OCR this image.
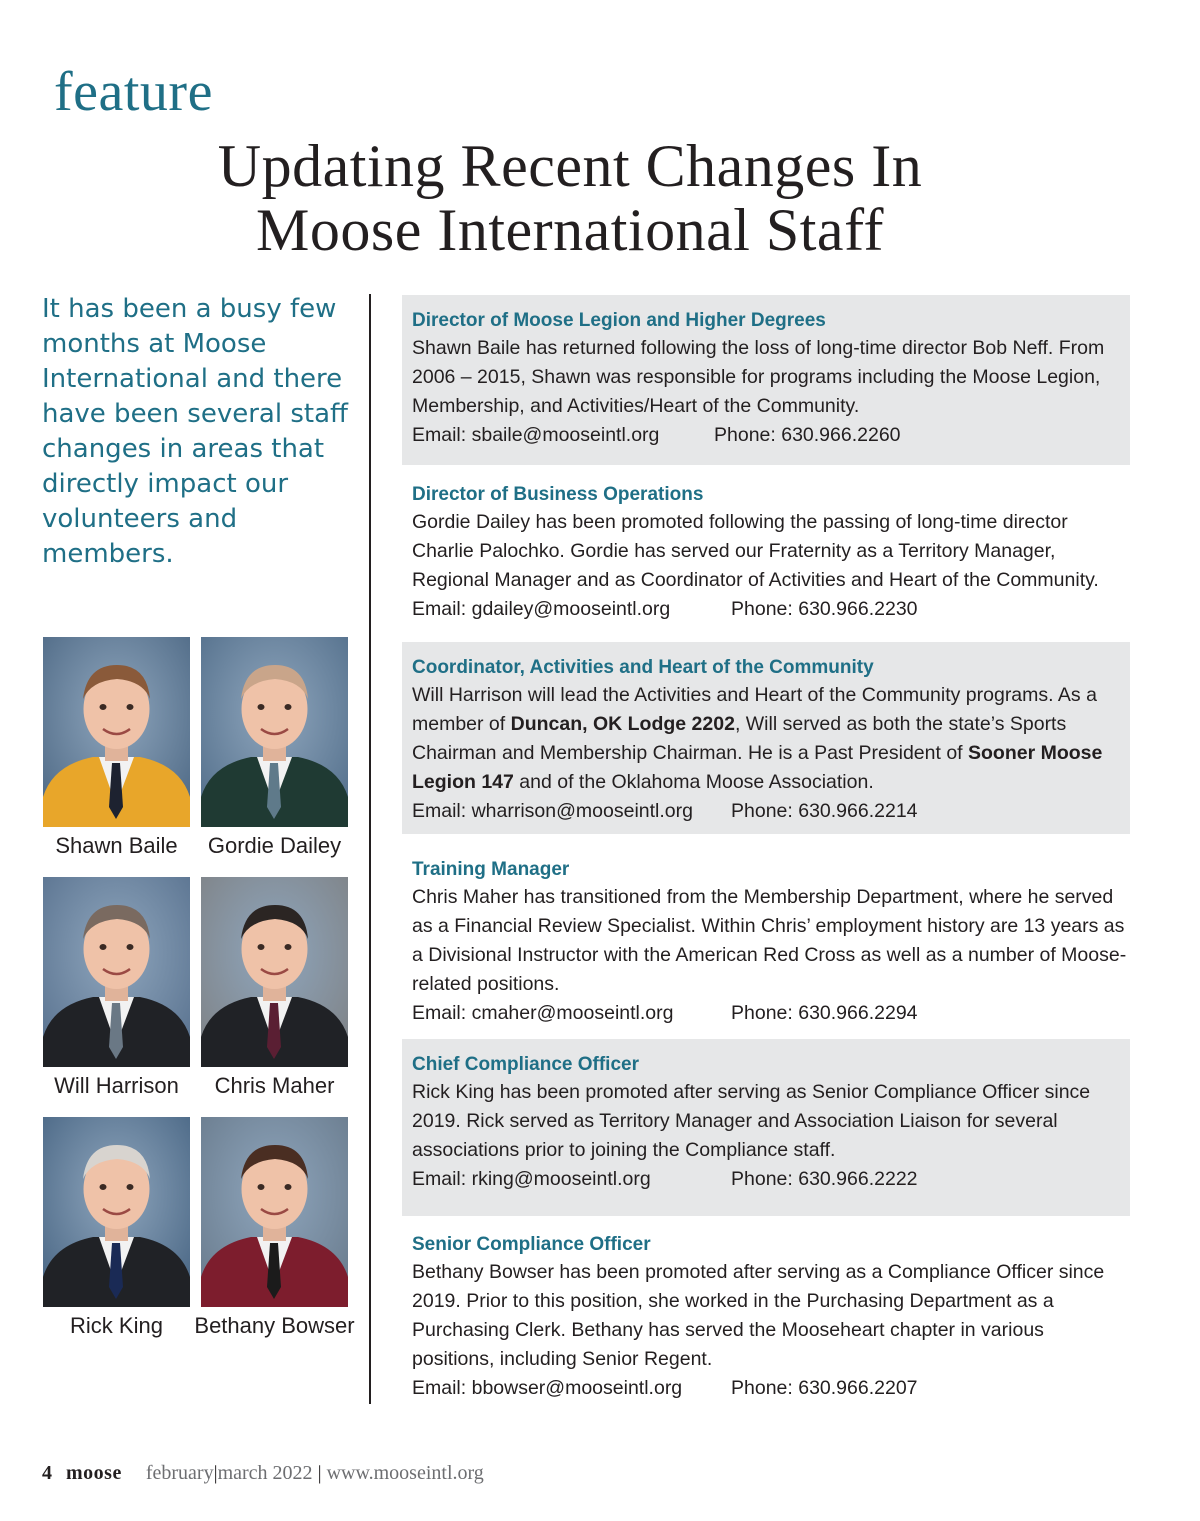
feature
Updating Recent Changes In
Moose International Staff
It has been a busy few months at Moose International and there have been several staff changes in areas that directly impact our volunteers and members.
Shawn Baile	Gordie Dailey
Will Harrison	Chris Maher
Rick King	Bethany Bowser
Director of Moose Legion and Higher Degrees

Shawn Baile has returned following the loss of long-time director Bob Neff. From 2006 – 2015, Shawn was responsible for programs including the Moose Legion, Membership, and Activities/Heart of the Community.

Email: sbaile@mooseintl.org	Phone: 630.966.2260
Director of Business Operations

Gordie Dailey has been promoted following the passing of long-time director Charlie Palochko. Gordie has served our Fraternity as a Territory Manager, Regional Manager and as Coordinator of Activities and Heart of the Community.

Email: gdailey@mooseintl.org	Phone: 630.966.2230
Coordinator, Activities and Heart of the Community

Will Harrison will lead the Activities and Heart of the Community programs. As a member of Duncan, OK Lodge 2202, Will served as both the state’s Sports Chairman and Membership Chairman. He is a Past President of Sooner Moose Legion 147 and of the Oklahoma Moose Association.

Email: wharrison@mooseintl.org Phone: 630.966.2214
Training Manager

Chris Maher has transitioned from the Membership Department, where he served as a Financial Review Specialist. Within Chris’ employment history are 13 years as a Divisional Instructor with the American Red Cross as well as a number of Moose-related positions.

Email: cmaher@mooseintl.org	Phone: 630.966.2294
Chief Compliance Officer

Rick King has been promoted after serving as Senior Compliance Officer since 2019. Rick served as Territory Manager and Association Liaison for several associations prior to joining the Compliance staff.

Email: rking@mooseintl.org	Phone: 630.966.2222
Senior Compliance Officer

Bethany Bowser has been promoted after serving as a Compliance Officer since 2019. Prior to this position, she worked in the Purchasing Department as a Purchasing Clerk. Bethany has served the Mooseheart chapter in various positions, including Senior Regent.

Email: bbowser@mooseintl.org	Phone: 630.966.2207
4 moose february|march 2022 | www.mooseintl.org
